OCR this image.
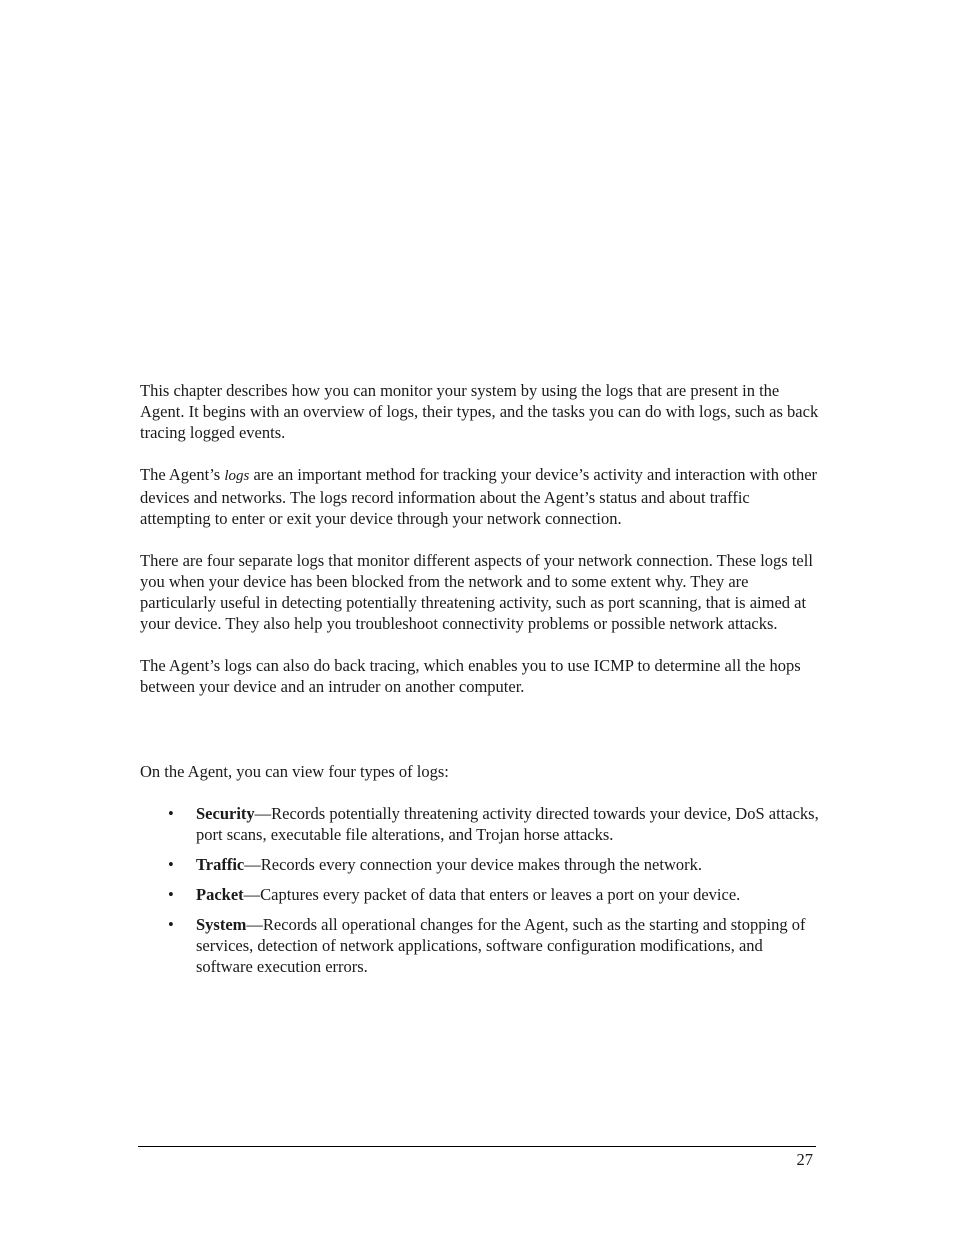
This chapter describes how you can monitor your system by using the logs that are present in the Agent. It begins with an overview of logs, their types, and the tasks you can do with logs, such as back tracing logged events.

The Agent’s logs are an important method for tracking your device’s activity and interaction with other devices and networks. The logs record information about the Agent’s status and about traffic attempting to enter or exit your device through your network connection.

There are four separate logs that monitor different aspects of your network connection. These logs tell you when your device has been blocked from the network and to some extent why. They are particularly useful in detecting potentially threatening activity, such as port scanning, that is aimed at your device. They also help you troubleshoot connectivity problems or possible network attacks.

The Agent’s logs can also do back tracing, which enables you to use ICMP to determine all the hops between your device and an intruder on another computer.

On the Agent, you can view four types of logs:

• Security—Records potentially threatening activity directed towards your device, DoS attacks, port scans, executable file alterations, and Trojan horse attacks.
• Traffic—Records every connection your device makes through the network.
• Packet—Captures every packet of data that enters or leaves a port on your device.
• System—Records all operational changes for the Agent, such as the starting and stopping of services, detection of network applications, software configuration modifications, and software execution errors.
27
